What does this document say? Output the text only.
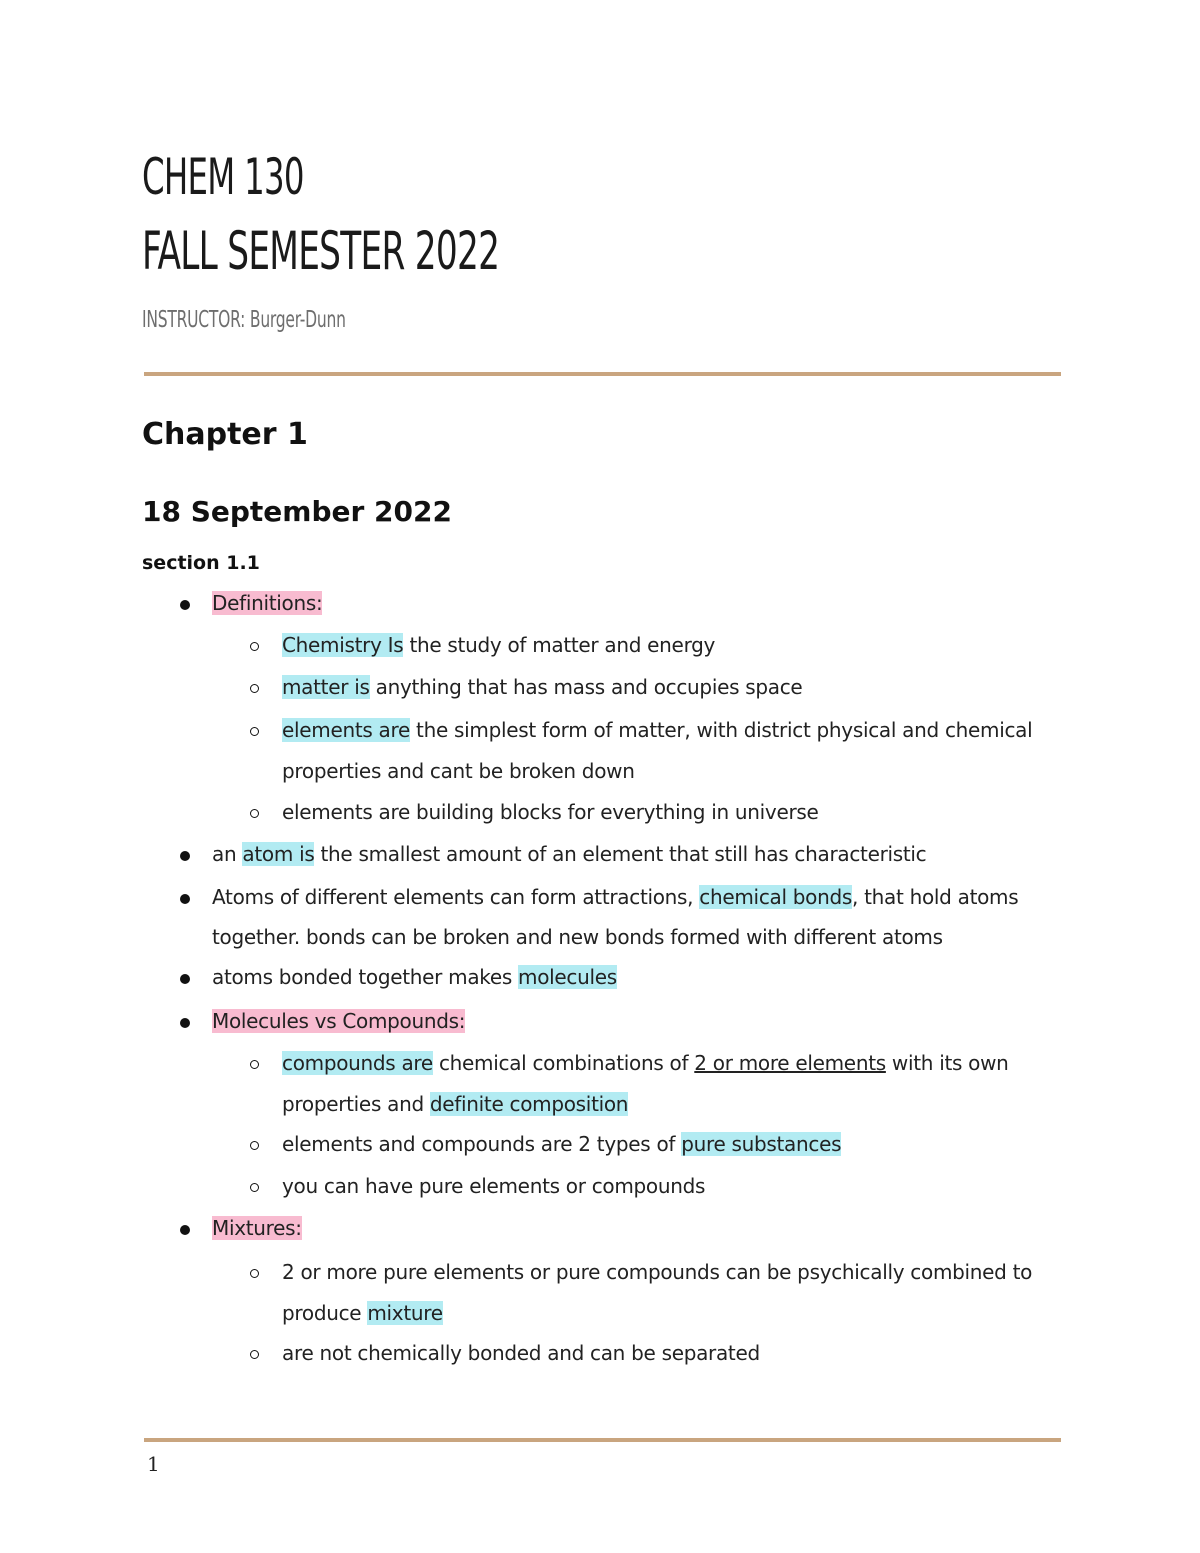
CHEM 130
FALL SEMESTER 2022
INSTRUCTOR: Burger-Dunn
Chapter 1
18 September 2022
section 1.1
Definitions:
Chemistry Is the study of matter and energy
matter is anything that has mass and occupies space
elements are the simplest form of matter, with district physical and chemical
properties and cant be broken down
elements are building blocks for everything in universe
an atom is the smallest amount of an element that still has characteristic
Atoms of different elements can form attractions, chemical bonds, that hold atoms
together. bonds can be broken and new bonds formed with different atoms
atoms bonded together makes molecules
Molecules vs Compounds:
compounds are chemical combinations of 2 or more elements with its own
properties and definite composition
elements and compounds are 2 types of pure substances
you can have pure elements or compounds
Mixtures:
2 or more pure elements or pure compounds can be psychically combined to
produce mixture
are not chemically bonded and can be separated
1
